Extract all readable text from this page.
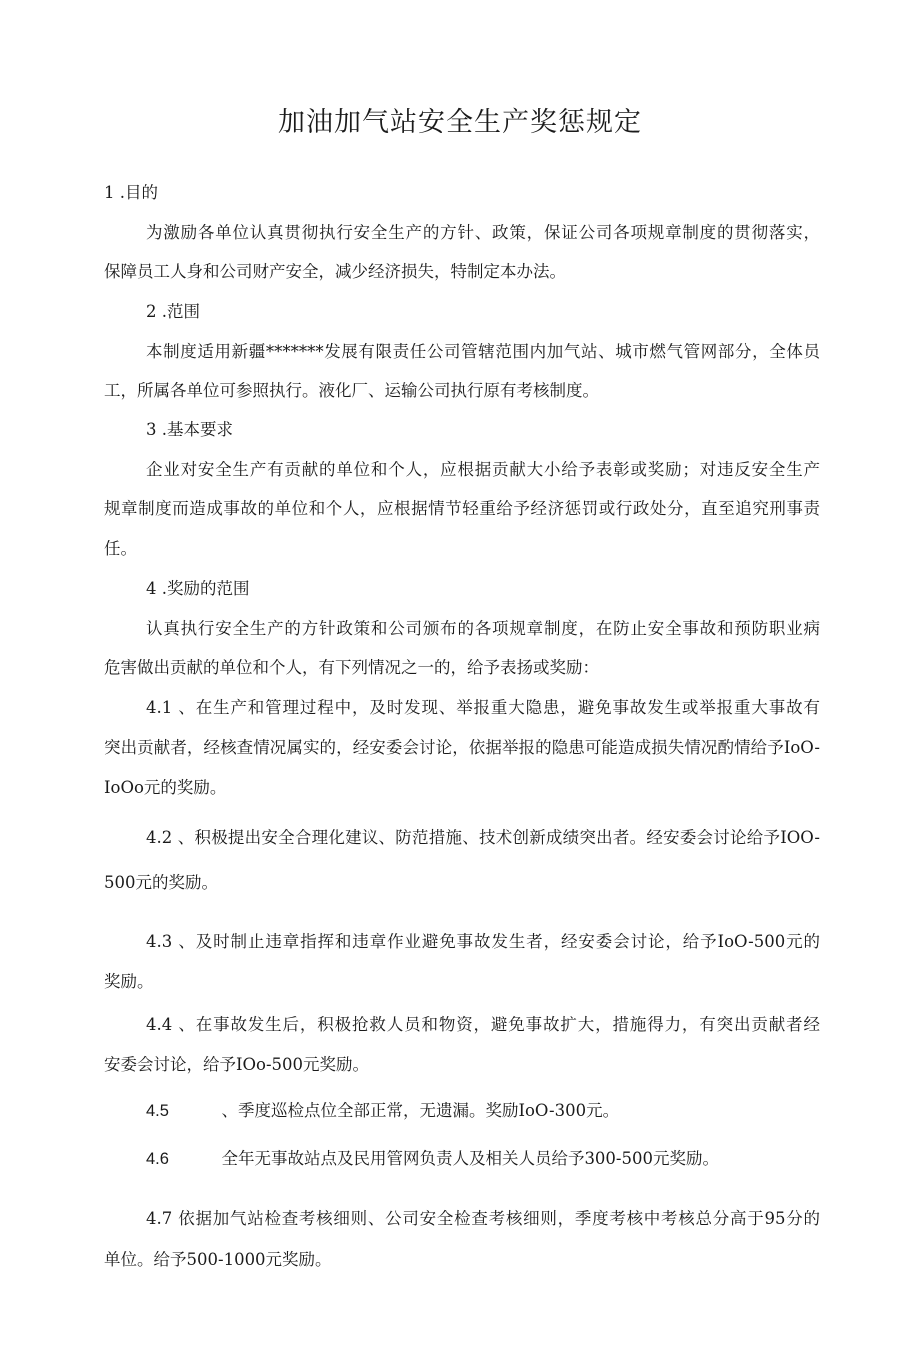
加油加气站安全生产奖惩规定
1 .目的
为激励各单位认真贯彻执行安全生产的方针、政策，保证公司各项规章制度的贯彻落实，
保障员工人身和公司财产安全，减少经济损失，特制定本办法。
2 .范围
本制度适用新疆*******发展有限责任公司管辖范围内加气站、城市燃气管网部分，全体员
工，所属各单位可参照执行。液化厂、运输公司执行原有考核制度。
3 .基本要求
企业对安全生产有贡献的单位和个人，应根据贡献大小给予表彰或奖励；对违反安全生产
规章制度而造成事故的单位和个人，应根据情节轻重给予经济惩罚或行政处分，直至追究刑事责
任。
4 .奖励的范围
认真执行安全生产的方针政策和公司颁布的各项规章制度，在防止安全事故和预防职业病
危害做出贡献的单位和个人，有下列情况之一的，给予表扬或奖励：
4.1 、在生产和管理过程中，及时发现、举报重大隐患，避免事故发生或举报重大事故有
突出贡献者，经核查情况属实的，经安委会讨论，依据举报的隐患可能造成损失情况酌情给予IoO-
IoOo元的奖励。
4.2 、积极提出安全合理化建议、防范措施、技术创新成绩突出者。经安委会讨论给予IOO-
500元的奖励。
4.3 、及时制止违章指挥和违章作业避免事故发生者，经安委会讨论，给予IoO-500元的
奖励。
4.4 、在事故发生后，积极抢救人员和物资，避免事故扩大，措施得力，有突出贡献者经
安委会讨论，给予IOo-500元奖励。
4.5	、季度巡检点位全部正常，无遗漏。奖励IoO-300元。
4.6	全年无事故站点及民用管网负责人及相关人员给予300-500元奖励。
4.7 依据加气站检查考核细则、公司安全检查考核细则，季度考核中考核总分高于95分的
单位。给予500-1000元奖励。
